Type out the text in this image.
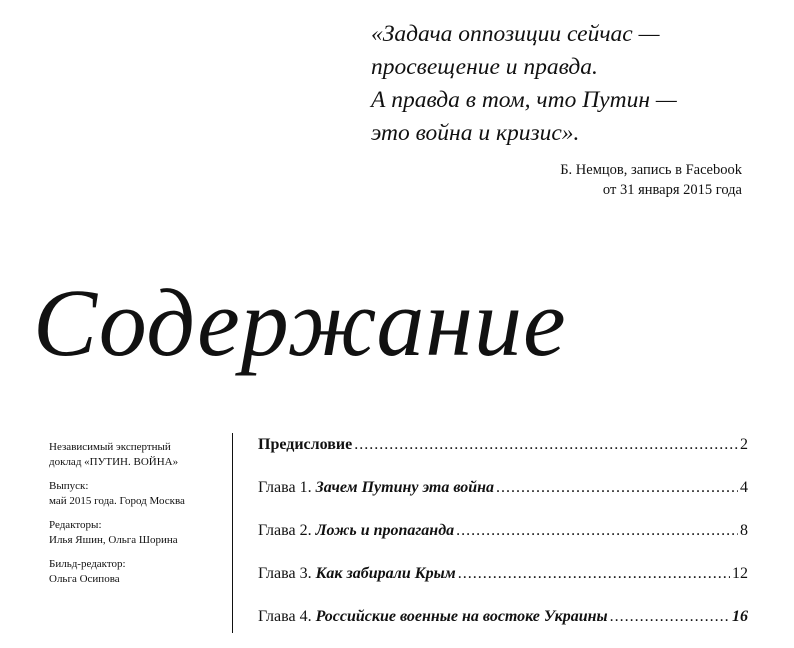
«Задача оппозиции сейчас —
просвещение и правда.
А правда в том, что Путин —
это война и кризис».
Б. Немцов, запись в Facebook
от 31 января 2015 года
Содержание
Независимый экспертный
доклад «ПУТИН. ВОЙНА»
Выпуск:
май 2015 года. Город Москва
Редакторы:
Илья Яшин, Ольга Шорина
Бильд-редактор:
Ольга Осипова
Предисловие .....	2
Глава 1. Зачем Путину эта война .....	4
Глава 2. Ложь и пропаганда .....	8
Глава 3. Как забирали Крым .....	12
Глава 4. Российские военные на востоке Украины .....	16
